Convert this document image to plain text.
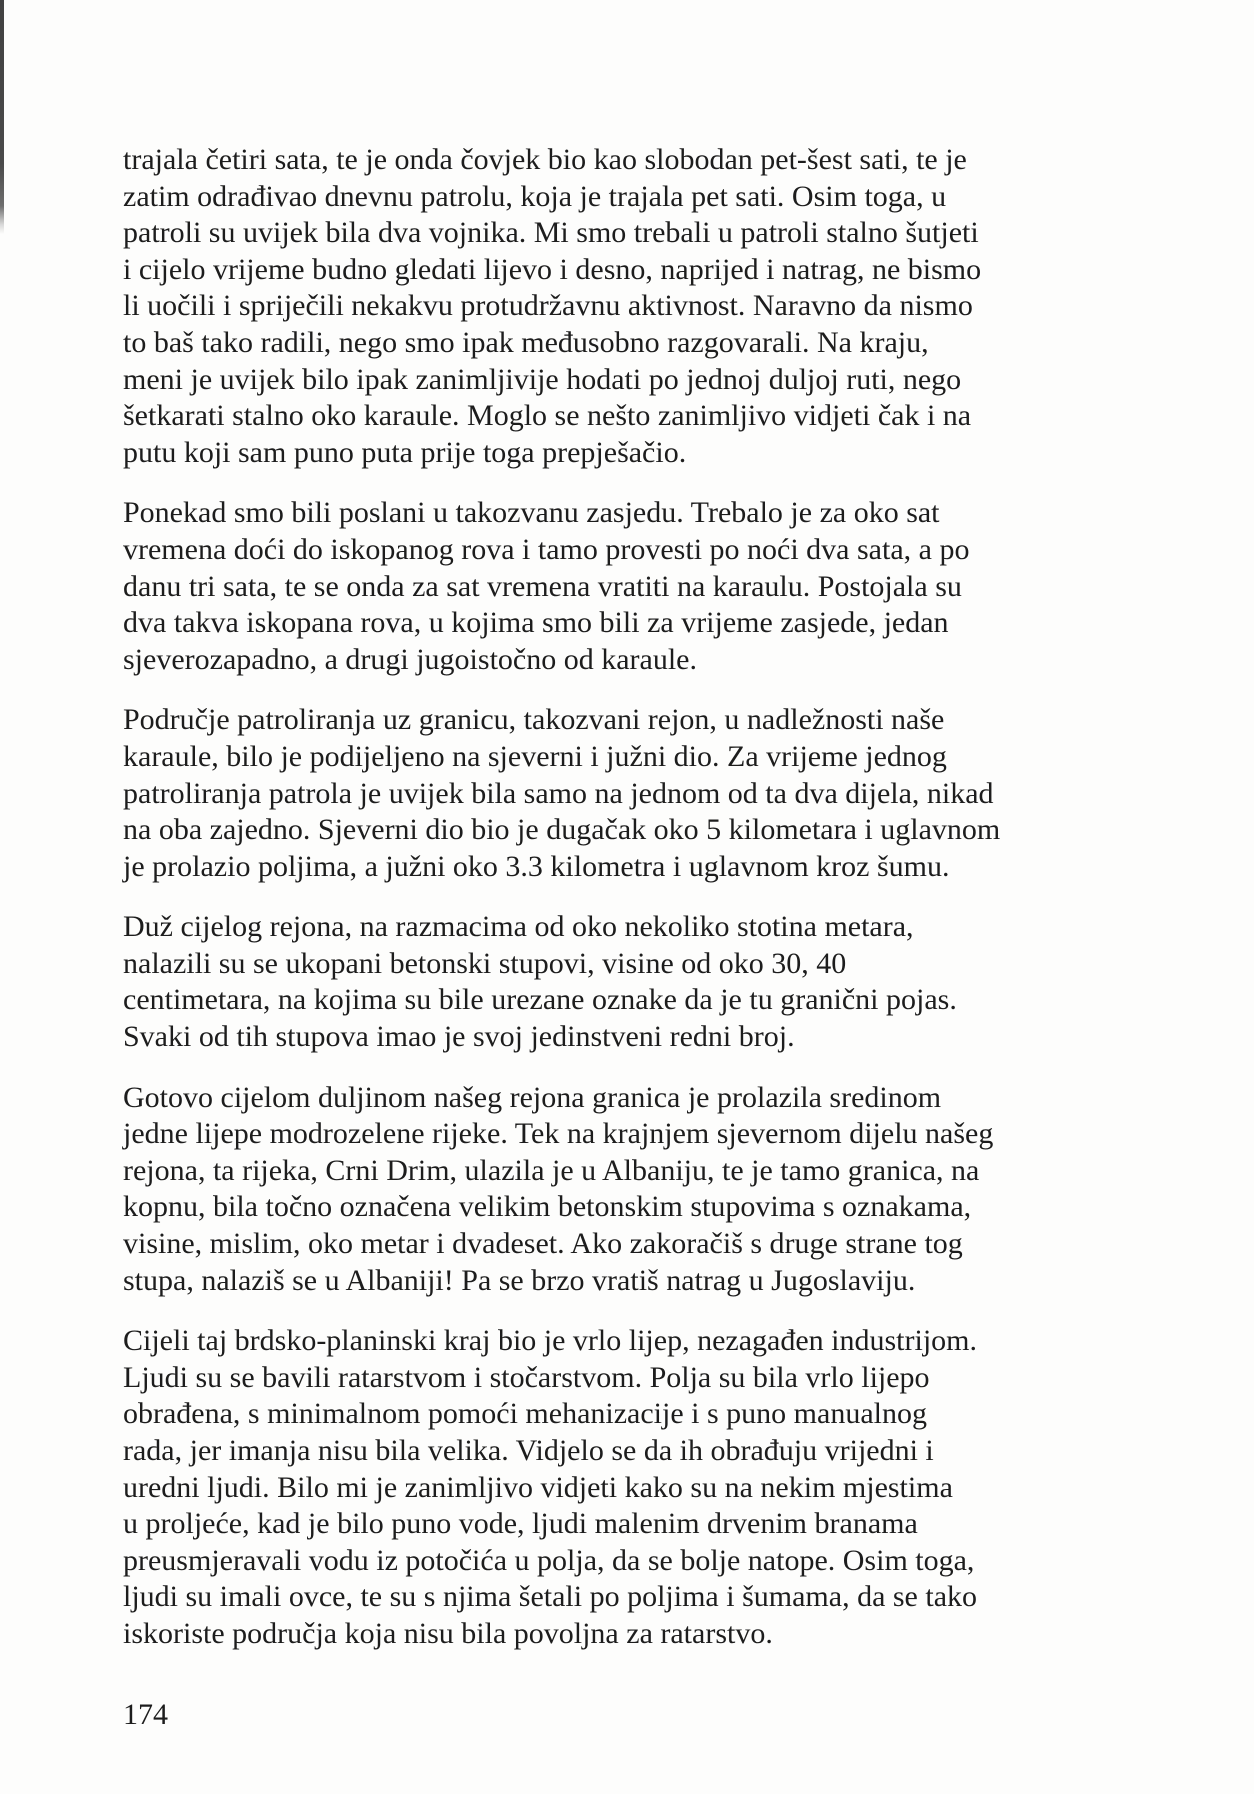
trajala četiri sata, te je onda čovjek bio kao slobodan pet-šest sati, te je
zatim odrađivao dnevnu patrolu, koja je trajala pet sati. Osim toga, u
patroli su uvijek bila dva vojnika. Mi smo trebali u patroli stalno šutjeti
i cijelo vrijeme budno gledati lijevo i desno, naprijed i natrag, ne bismo
li uočili i spriječili nekakvu protudržavnu aktivnost. Naravno da nismo
to baš tako radili, nego smo ipak međusobno razgovarali. Na kraju,
meni je uvijek bilo ipak zanimljivije hodati po jednoj duljoj ruti, nego
šetkarati stalno oko karaule. Moglo se nešto zanimljivo vidjeti čak i na
putu koji sam puno puta prije toga prepješačio.

Ponekad smo bili poslani u takozvanu zasjedu. Trebalo je za oko sat
vremena doći do iskopanog rova i tamo provesti po noći dva sata, a po
danu tri sata, te se onda za sat vremena vratiti na karaulu. Postojala su
dva takva iskopana rova, u kojima smo bili za vrijeme zasjede, jedan
sjeverozapadno, a drugi jugoistočno od karaule.

Područje patroliranja uz granicu, takozvani rejon, u nadležnosti naše
karaule, bilo je podijeljeno na sjeverni i južni dio. Za vrijeme jednog
patroliranja patrola je uvijek bila samo na jednom od ta dva dijela, nikad
na oba zajedno. Sjeverni dio bio je dugačak oko 5 kilometara i uglavnom
je prolazio poljima, a južni oko 3.3 kilometra i uglavnom kroz šumu.

Duž cijelog rejona, na razmacima od oko nekoliko stotina metara,
nalazili su se ukopani betonski stupovi, visine od oko 30, 40
centimetara, na kojima su bile urezane oznake da je tu granični pojas.
Svaki od tih stupova imao je svoj jedinstveni redni broj.

Gotovo cijelom duljinom našeg rejona granica je prolazila sredinom
jedne lijepe modrozelene rijeke. Tek na krajnjem sjevernom dijelu našeg
rejona, ta rijeka, Crni Drim, ulazila je u Albaniju, te je tamo granica, na
kopnu, bila točno označena velikim betonskim stupovima s oznakama,
visine, mislim, oko metar i dvadeset. Ako zakoračiš s druge strane tog
stupa, nalaziš se u Albaniji! Pa se brzo vratiš natrag u Jugoslaviju.

Cijeli taj brdsko-planinski kraj bio je vrlo lijep, nezagađen industrijom.
Ljudi su se bavili ratarstvom i stočarstvom. Polja su bila vrlo lijepo
obrađena, s minimalnom pomoći mehanizacije i s puno manualnog
rada, jer imanja nisu bila velika. Vidjelo se da ih obrađuju vrijedni i
uredni ljudi. Bilo mi je zanimljivo vidjeti kako su na nekim mjestima
u proljeće, kad je bilo puno vode, ljudi malenim drvenim branama
preusmjeravali vodu iz potočića u polja, da se bolje natope. Osim toga,
ljudi su imali ovce, te su s njima šetali po poljima i šumama, da se tako
iskoriste područja koja nisu bila povoljna za ratarstvo.

174
